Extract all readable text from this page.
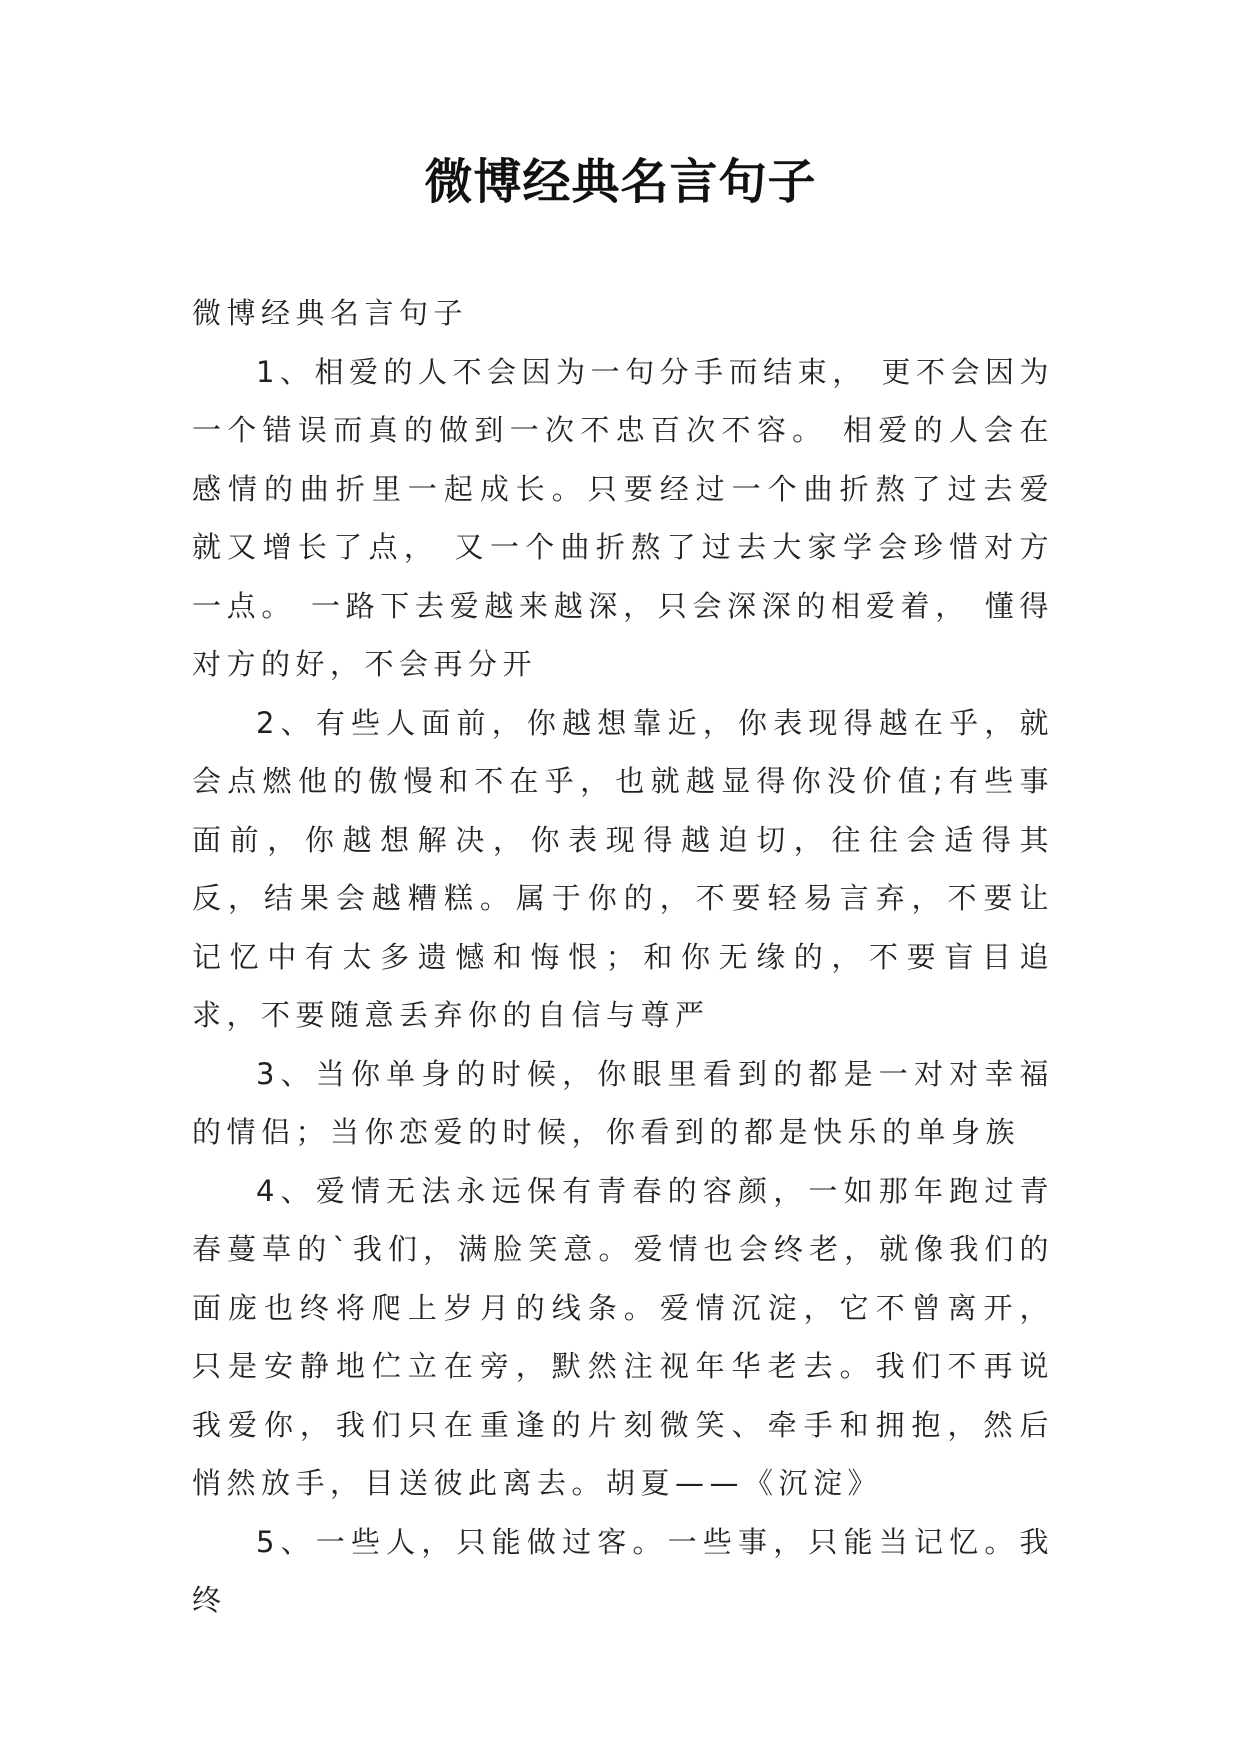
微博经典名言句子

微博经典名言句子

1、相爱的人不会因为一句分手而结束， 更不会因为一个错误而真的做到一次不忠百次不容。 相爱的人会在感情的曲折里一起成长。只要经过一个曲折熬了过去爱就又增长了点， 又一个曲折熬了过去大家学会珍惜对方一点。 一路下去爱越来越深，只会深深的相爱着， 懂得对方的好，不会再分开

2、有些人面前，你越想靠近，你表现得越在乎，就会点燃他的傲慢和不在乎，也就越显得你没价值;有些事面前，你越想解决，你表现得越迫切，往往会适得其反，结果会越糟糕。属于你的，不要轻易言弃，不要让记忆中有太多遗憾和悔恨；和你无缘的，不要盲目追求，不要随意丢弃你的自信与尊严

3、当你单身的时候，你眼里看到的都是一对对幸福的情侣；当你恋爱的时候，你看到的都是快乐的单身族

4、爱情无法永远保有青春的容颜，一如那年跑过青春蔓草的`我们，满脸笑意。爱情也会终老，就像我们的面庞也终将爬上岁月的线条。爱情沉淀，它不曾离开，只是安静地伫立在旁，默然注视年华老去。我们不再说我爱你，我们只在重逢的片刻微笑、牵手和拥抱，然后悄然放手，目送彼此离去。胡夏——《沉淀》

5、一些人，只能做过客。一些事，只能当记忆。我终
